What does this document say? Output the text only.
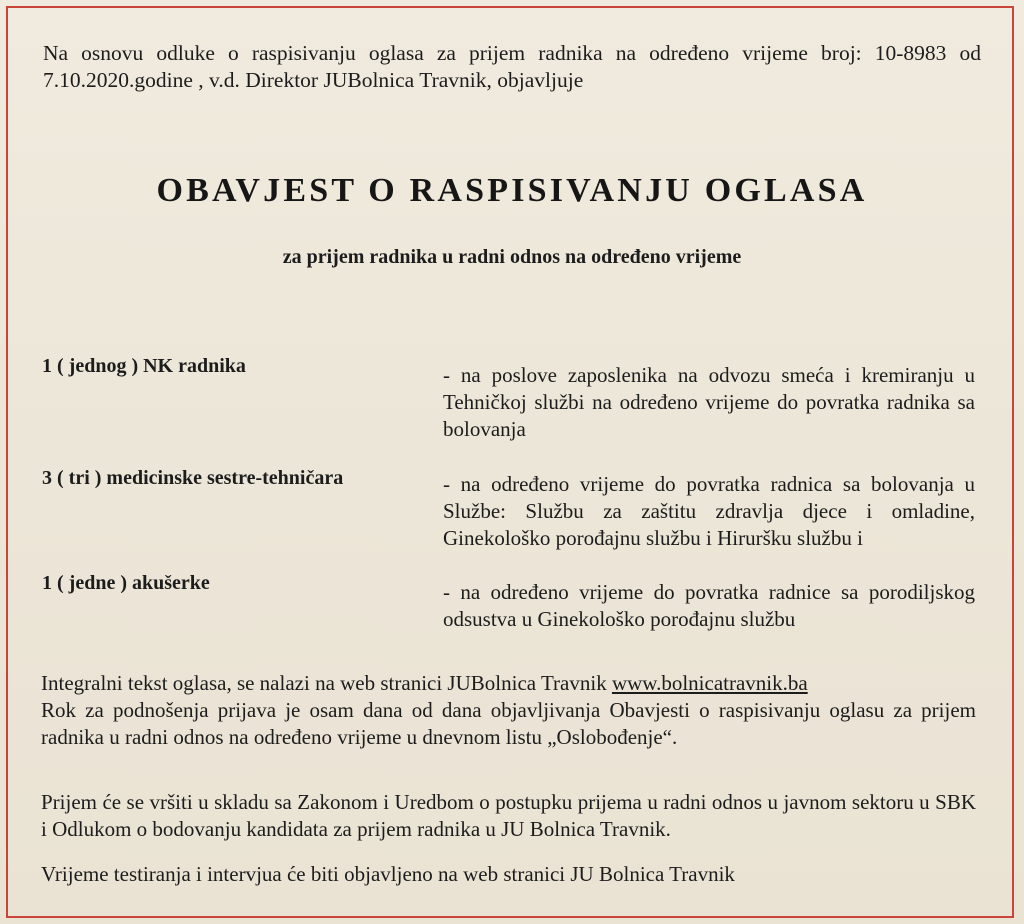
Na osnovu odluke o raspisivanju oglasa za prijem radnika na određeno vrijeme broj: 10-8983 od 7.10.2020.godine , v.d. Direktor JUBolnica Travnik, objavljuje
OBAVJEST O RASPISIVANJU OGLASA
za prijem radnika u radni odnos na određeno vrijeme
1 ( jednog ) NK radnika	- na poslove zaposlenika na odvozu smeća i kremiranju u Tehničkoj službi na određeno vrijeme do povratka radnika sa bolovanja
3 ( tri ) medicinske sestre-tehničara	- na određeno vrijeme do povratka radnica sa bolovanja u Službe: Službu za zaštitu zdravlja djece i omladine, Ginekološko porođajnu službu i Hiruršku službu i
1 ( jedne ) akušerke	- na određeno vrijeme do povratka radnice sa porodiljskog odsustva u Ginekološko porođajnu službu
Integralni tekst oglasa, se nalazi na web stranici JUBolnica Travnik www.bolnicatravnik.ba
Rok za podnošenja prijava je osam dana od dana objavljivanja Obavjesti o raspisivanju oglasu za prijem radnika u radni odnos na određeno vrijeme u dnevnom listu „Oslobođenje“.
Prijem će se vršiti u skladu sa Zakonom i Uredbom o postupku prijema u radni odnos u javnom sektoru u SBK i Odlukom o bodovanju kandidata za prijem radnika u JU Bolnica Travnik.
Vrijeme testiranja i intervjua će biti objavljeno na web stranici JU Bolnica Travnik
